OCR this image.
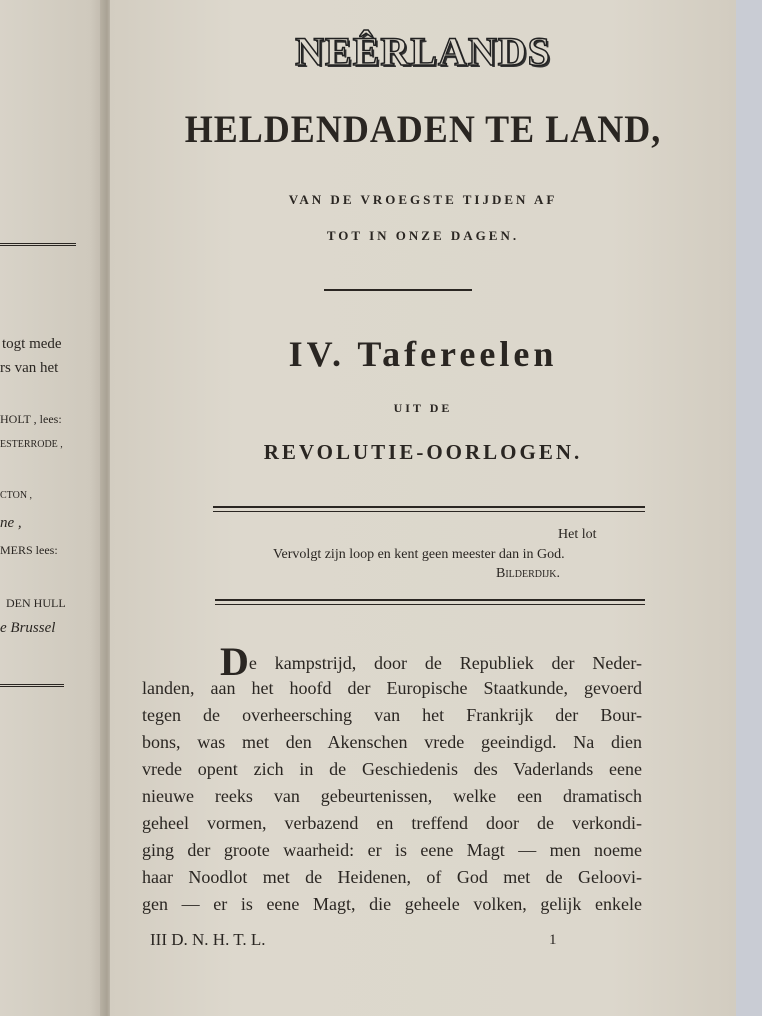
togt mede
rs van het
HOLT , lees:
ESTERRODE ,
CTON ,
ne ,
MERS lees:
DEN HULL
e Brussel
NEÊRLANDS
HELDENDADEN TE LAND,
VAN DE VROEGSTE TIJDEN AF
TOT IN ONZE DAGEN.
IV. Tafereelen
UIT DE
REVOLUTIE-OORLOGEN.
Het lot
Vervolgt zijn loop en kent geen meester dan in God.
Bilderdijk.
De kampstrijd, door de Republiek der Neder-
landen, aan het hoofd der Europische Staatkunde, gevoerd
tegen de overheersching van het Frankrijk der Bour-
bons, was met den Akenschen vrede geeindigd. Na dien
vrede opent zich in de Geschiedenis des Vaderlands eene
nieuwe reeks van gebeurtenissen, welke een dramatisch
geheel vormen, verbazend en treffend door de verkondi-
ging der groote waarheid: er is eene Magt — men noeme
haar Noodlot met de Heidenen, of God met de Geloovi-
gen — er is eene Magt, die geheele volken, gelijk enkele
III D. N. H. T. L.	1
